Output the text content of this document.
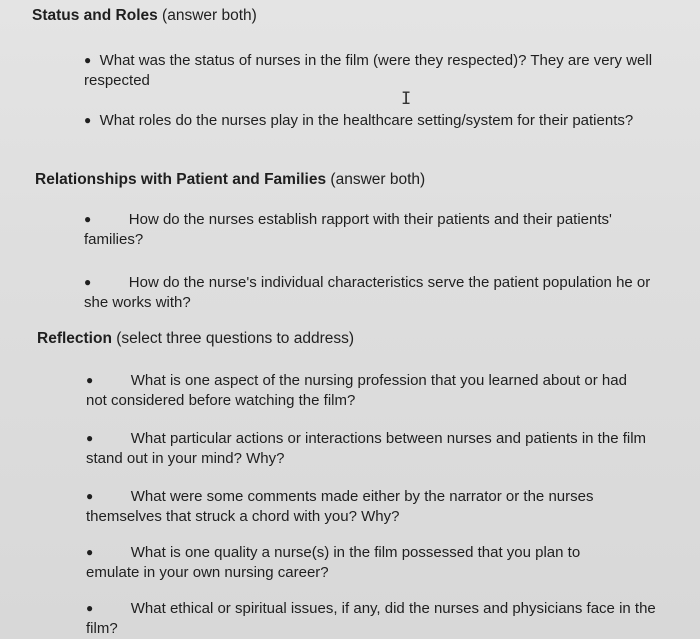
Status and Roles (answer both)
● What was the status of nurses in the film (were they respected)? They are very well respected
I
● What roles do the nurses play in the healthcare setting/system for their patients?
Relationships with Patient and Families (answer both)
●	How do the nurses establish rapport with their patients and their patients' families?
●	How do the nurse's individual characteristics serve the patient population he or she works with?
Reflection (select three questions to address)
●	What is one aspect of the nursing profession that you learned about or had not considered before watching the film?
●	What particular actions or interactions between nurses and patients in the film stand out in your mind? Why?
●	What were some comments made either by the narrator or the nurses themselves that struck a chord with you? Why?
●	What is one quality a nurse(s) in the film possessed that you plan to emulate in your own nursing career?
●	What ethical or spiritual issues, if any, did the nurses and physicians face in the film?
